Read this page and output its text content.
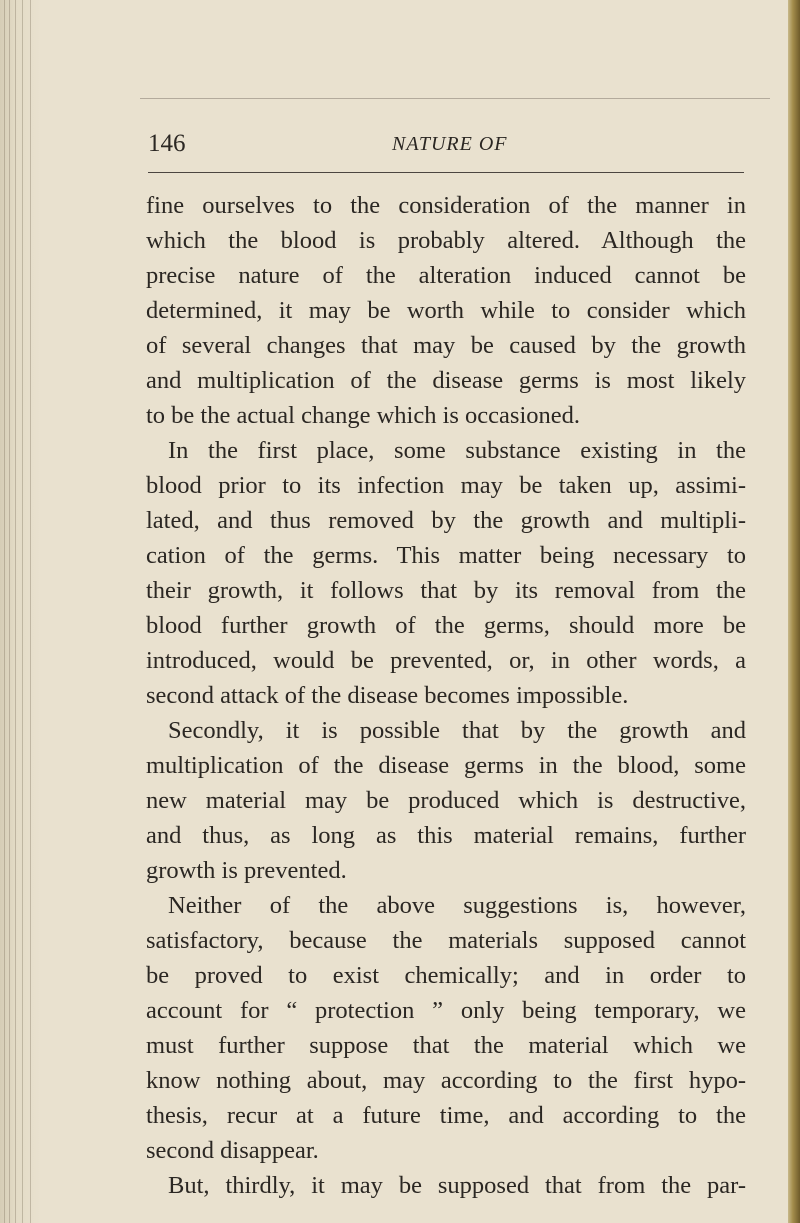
146	NATURE OF
fine ourselves to the consideration of the manner in
which the blood is probably altered. Although the
precise nature of the alteration induced cannot be
determined, it may be worth while to consider which
of several changes that may be caused by the growth
and multiplication of the disease germs is most likely
to be the actual change which is occasioned.
In the first place, some substance existing in the
blood prior to its infection may be taken up, assimi-
lated, and thus removed by the growth and multipli-
cation of the germs. This matter being necessary to
their growth, it follows that by its removal from the
blood further growth of the germs, should more be
introduced, would be prevented, or, in other words, a
second attack of the disease becomes impossible.
Secondly, it is possible that by the growth and
multiplication of the disease germs in the blood, some
new material may be produced which is destructive,
and thus, as long as this material remains, further
growth is prevented.
Neither of the above suggestions is, however,
satisfactory, because the materials supposed cannot
be proved to exist chemically; and in order to
account for “ protection ” only being temporary, we
must further suppose that the material which we
know nothing about, may according to the first hypo-
thesis, recur at a future time, and according to the
second disappear.
But, thirdly, it may be supposed that from the par-
